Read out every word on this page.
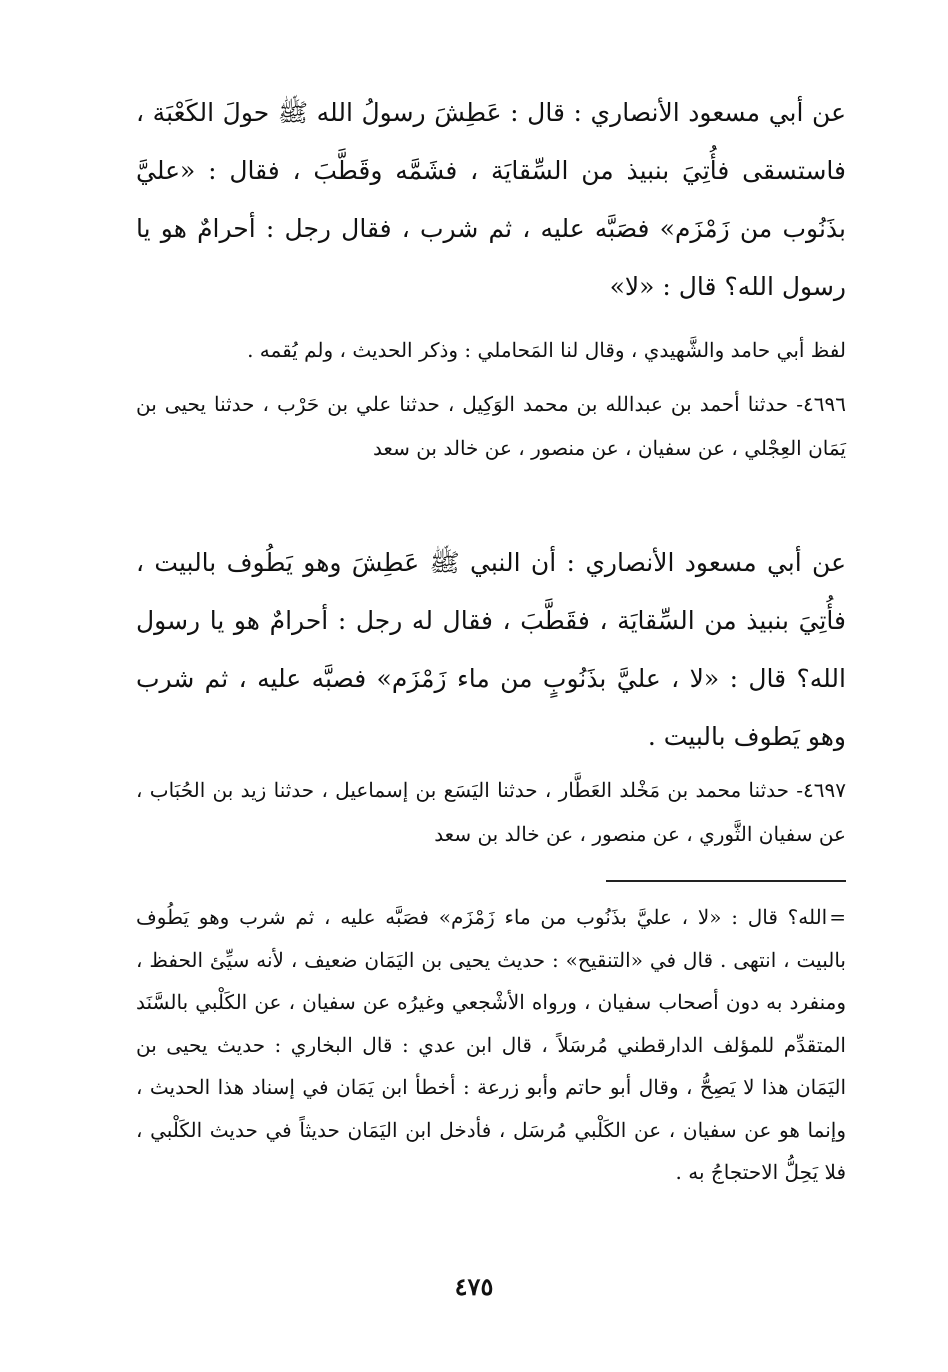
عن أبي مسعود الأنصاري : قال : عَطِشَ رسولُ الله ﷺ حولَ الكَعْبَة ، فاستسقى فأُتِيَ بنبيذ من السِّقايَة ، فشَمَّه وقَطَّبَ ، فقال : «عليَّ بذَنُوب من زَمْزَم» فصَبَّه عليه ، ثم شرب ، فقال رجل : أحرامٌ هو يا رسول الله؟ قال : «لا»

لفظ أبي حامد والشَّهيدي ، وقال لنا المَحاملي : وذكر الحديث ، ولم يُقمه .

٤٦٩٦- حدثنا أحمد بن عبدالله بن محمد الوَكِيل ، حدثنا علي بن حَرْب ، حدثنا يحيى بن يَمَان العِجْلي ، عن سفيان ، عن منصور ، عن خالد بن سعد

عن أبي مسعود الأنصاري : أن النبي ﷺ عَطِشَ وهو يَطُوف بالبيت ، فأُتِيَ بنبيذ من السِّقايَة ، فقَطَّبَ ، فقال له رجل : أحرامٌ هو يا رسول الله؟ قال : «لا ، عليَّ بذَنُوبٍ من ماء زَمْزَم» فصبَّه عليه ، ثم شرب وهو يَطوف بالبيت .

٤٦٩٧- حدثنا محمد بن مَخْلد العَطَّار ، حدثنا اليَسَع بن إسماعيل ، حدثنا زيد بن الحُبَاب ، عن سفيان الثَّوري ، عن منصور ، عن خالد بن سعد

=الله؟ قال : «لا ، عليَّ بذَنُوب من ماء زَمْزَم» فصَبَّه عليه ، ثم شرب وهو يَطُوف بالبيت ، انتهى . قال في «التنقيح» : حديث يحيى بن اليَمَان ضعيف ، لأنه سيِّئ الحفظ ، ومنفرد به دون أصحاب سفيان ، ورواه الأشْجعي وغيرُه عن سفيان ، عن الكَلْبي بالسَّنَد المتقدِّم للمؤلف الدارقطني مُرسَلاً ، قال ابن عدي : قال البخاري : حديث يحيى بن اليَمَان هذا لا يَصِحُّ ، وقال أبو حاتم وأبو زرعة : أخطأ ابن يَمَان في إسناد هذا الحديث ، وإنما هو عن سفيان ، عن الكَلْبي مُرسَل ، فأدخل ابن اليَمَان حديثاً في حديث الكَلْبي ، فلا يَحِلُّ الاحتجاجُ به .

٤٧٥
